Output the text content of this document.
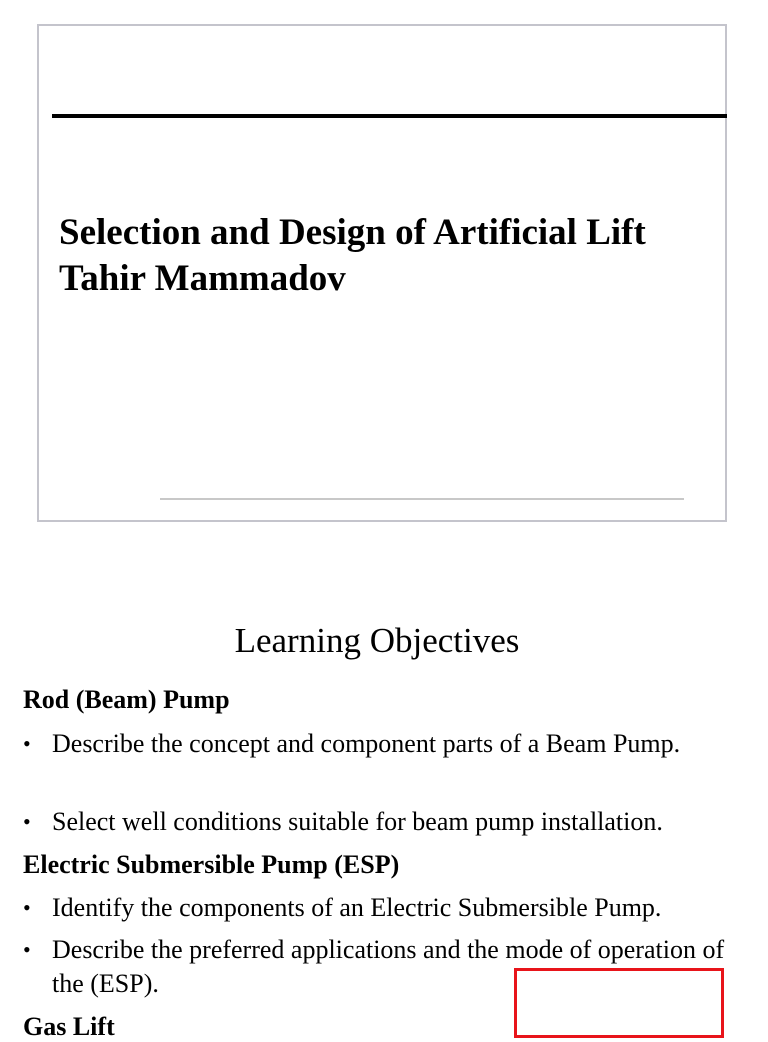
Selection and Design of Artificial Lift
Tahir Mammadov
Learning Objectives
Rod (Beam) Pump
• Describe the concept and component parts of a Beam Pump.
• Select well conditions suitable for beam pump installation.
Electric Submersible Pump (ESP)
• Identify the components of an Electric Submersible Pump.
• Describe the preferred applications and the mode of operation of the (ESP).
Gas Lift
